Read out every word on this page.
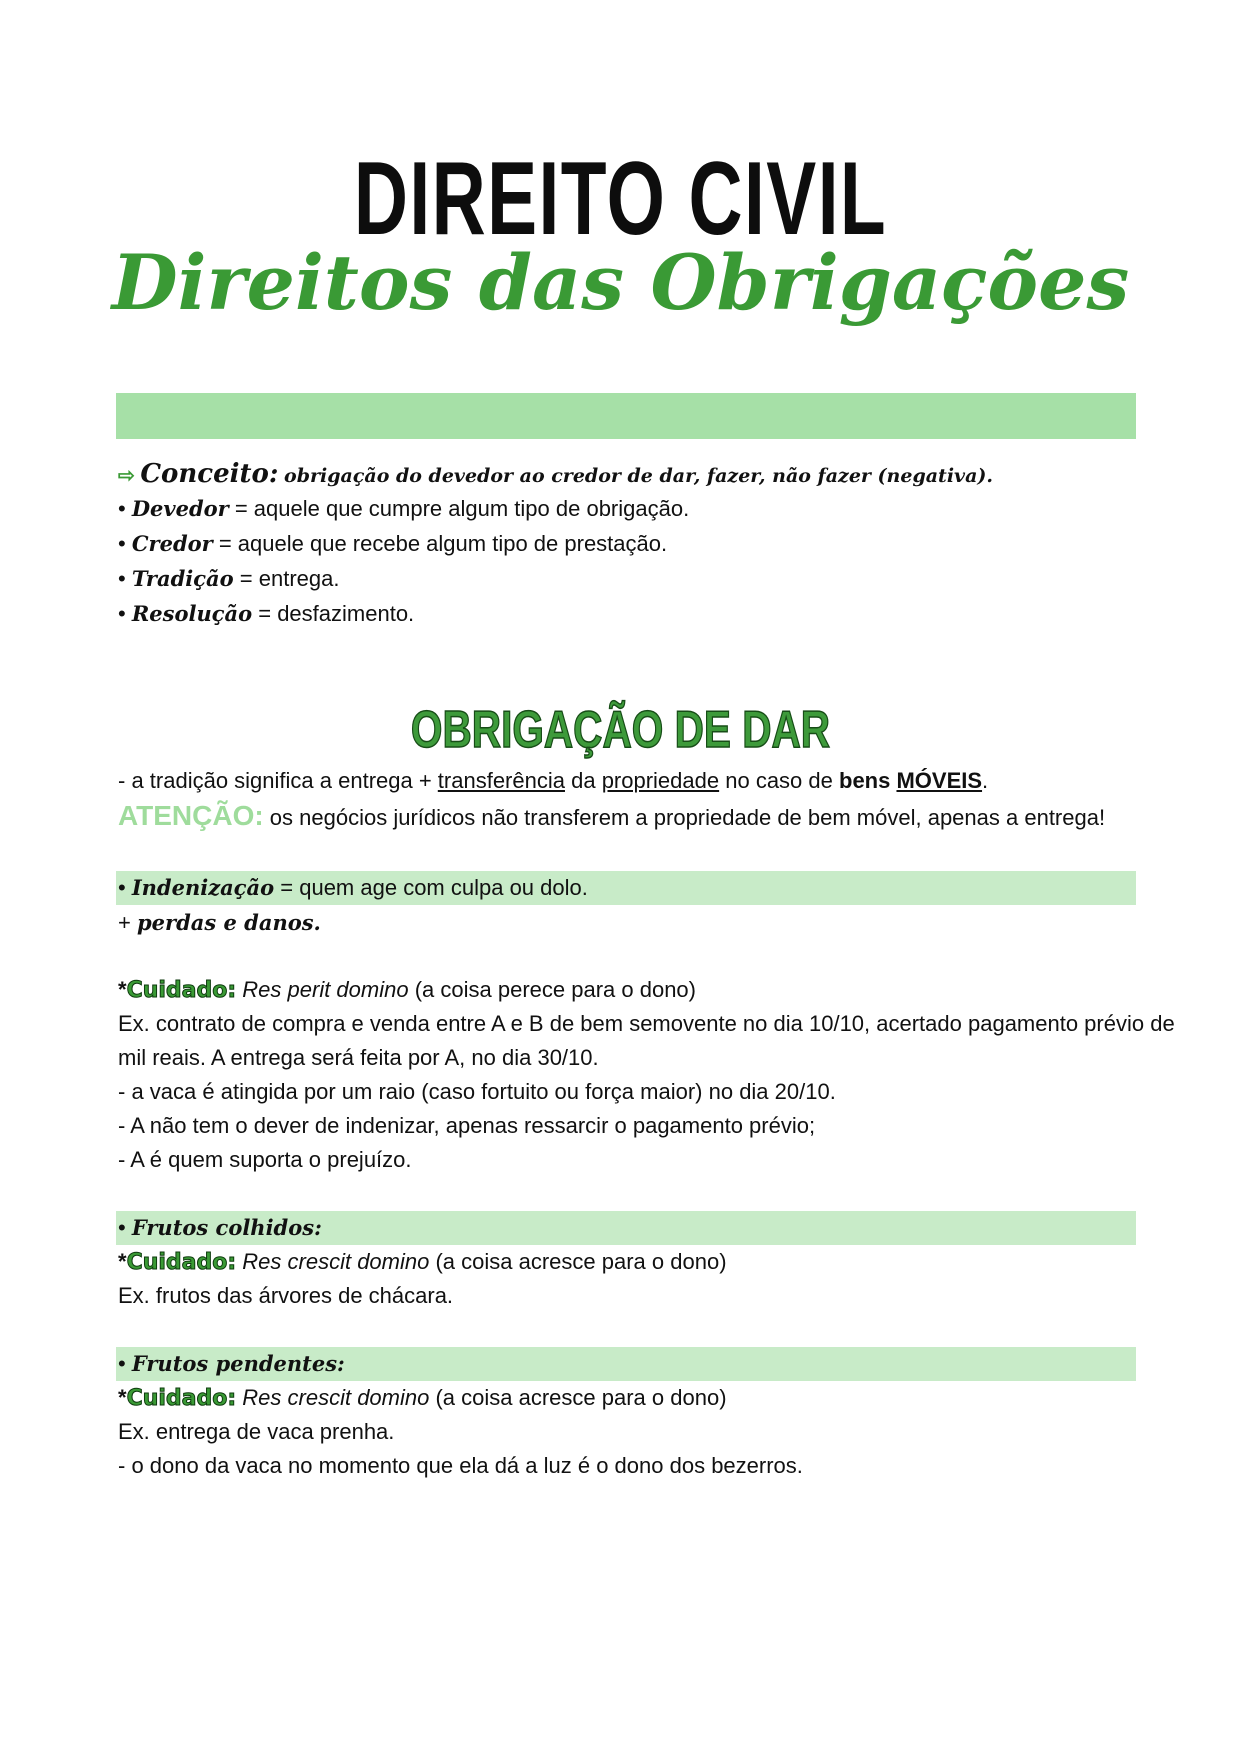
DIREITO CIVIL
Direitos das Obrigações
⇨ Conceito: obrigação do devedor ao credor de dar, fazer, não fazer (negativa).
• Devedor = aquele que cumpre algum tipo de obrigação.
• Credor = aquele que recebe algum tipo de prestação.
• Tradição = entrega.
• Resolução = desfazimento.
OBRIGAÇÃO DE DAR
- a tradição significa a entrega + transferência da propriedade no caso de bens MÓVEIS.
ATENÇÃO: os negócios jurídicos não transferem a propriedade de bem móvel, apenas a entrega!
• Indenização = quem age com culpa ou dolo.
+ perdas e danos.
*Cuidado: Res perit domino (a coisa perece para o dono)
Ex. contrato de compra e venda entre A e B de bem semovente no dia 10/10, acertado pagamento prévio de
mil reais. A entrega será feita por A, no dia 30/10.
- a vaca é atingida por um raio (caso fortuito ou força maior) no dia 20/10.
- A não tem o dever de indenizar, apenas ressarcir o pagamento prévio;
- A é quem suporta o prejuízo.
• Frutos colhidos:
*Cuidado: Res crescit domino (a coisa acresce para o dono)
Ex. frutos das árvores de chácara.
• Frutos pendentes:
*Cuidado: Res crescit domino (a coisa acresce para o dono)
Ex. entrega de vaca prenha.
- o dono da vaca no momento que ela dá a luz é o dono dos bezerros.
